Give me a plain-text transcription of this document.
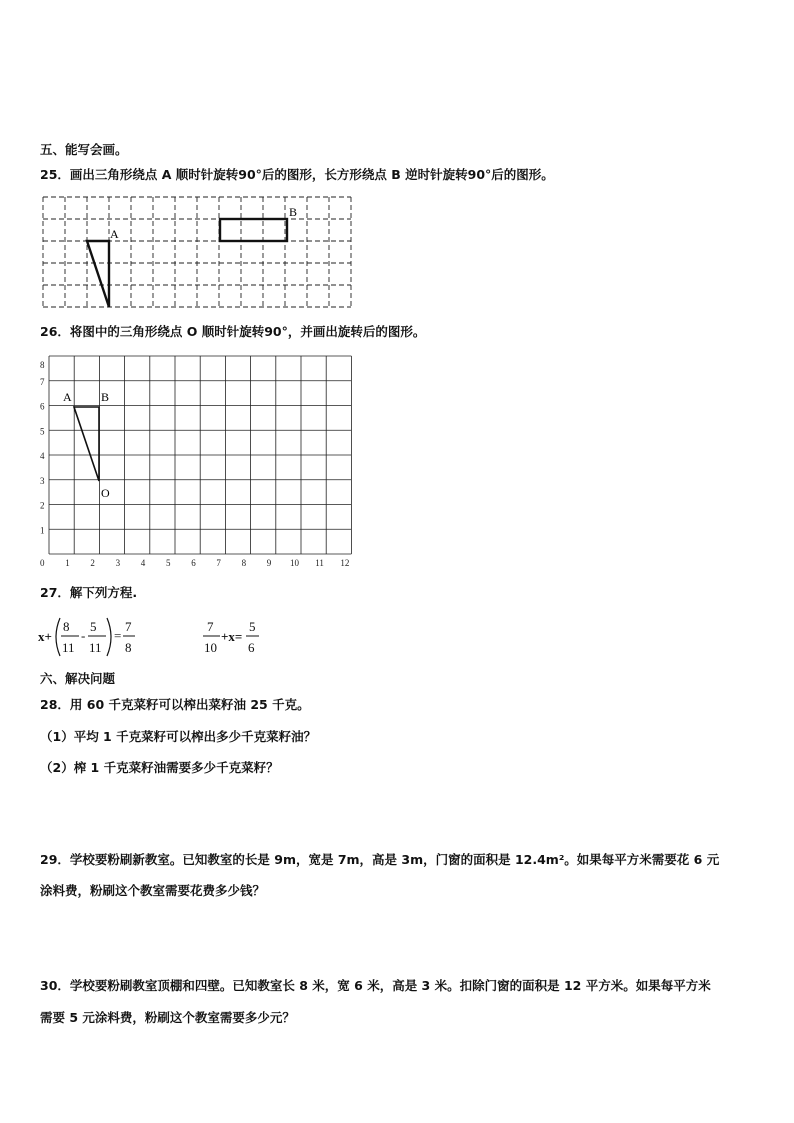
五、能写会画。
25．画出三角形绕点 A 顺时针旋转90°后的图形，长方形绕点 B 逆时针旋转90°后的图形。
A
B
26．将图中的三角形绕点 O 顺时针旋转90°，并画出旋转后的图形。
0 1 2 3 4 5 6 7 8 9 10 11 12
1
2
3
4
5
6
7
8
A B
O
27．解下列方程.
x+
8
11
-
5
11
=
7
8
7
10
+x=
5
6
六、解决问题
28．用 60 千克菜籽可以榨出菜籽油 25 千克。
（1）平均 1 千克菜籽可以榨出多少千克菜籽油？
（2）榨 1 千克菜籽油需要多少千克菜籽？
29．学校要粉刷新教室。已知教室的长是 9m，宽是 7m，高是 3m，门窗的面积是 12.4m²。如果每平方米需要花 6 元
涂料费，粉刷这个教室需要花费多少钱？
30．学校要粉刷教室顶棚和四壁。已知教室长 8 米，宽 6 米，高是 3 米。扣除门窗的面积是 12 平方米。如果每平方米
需要 5 元涂料费，粉刷这个教室需要多少元？
